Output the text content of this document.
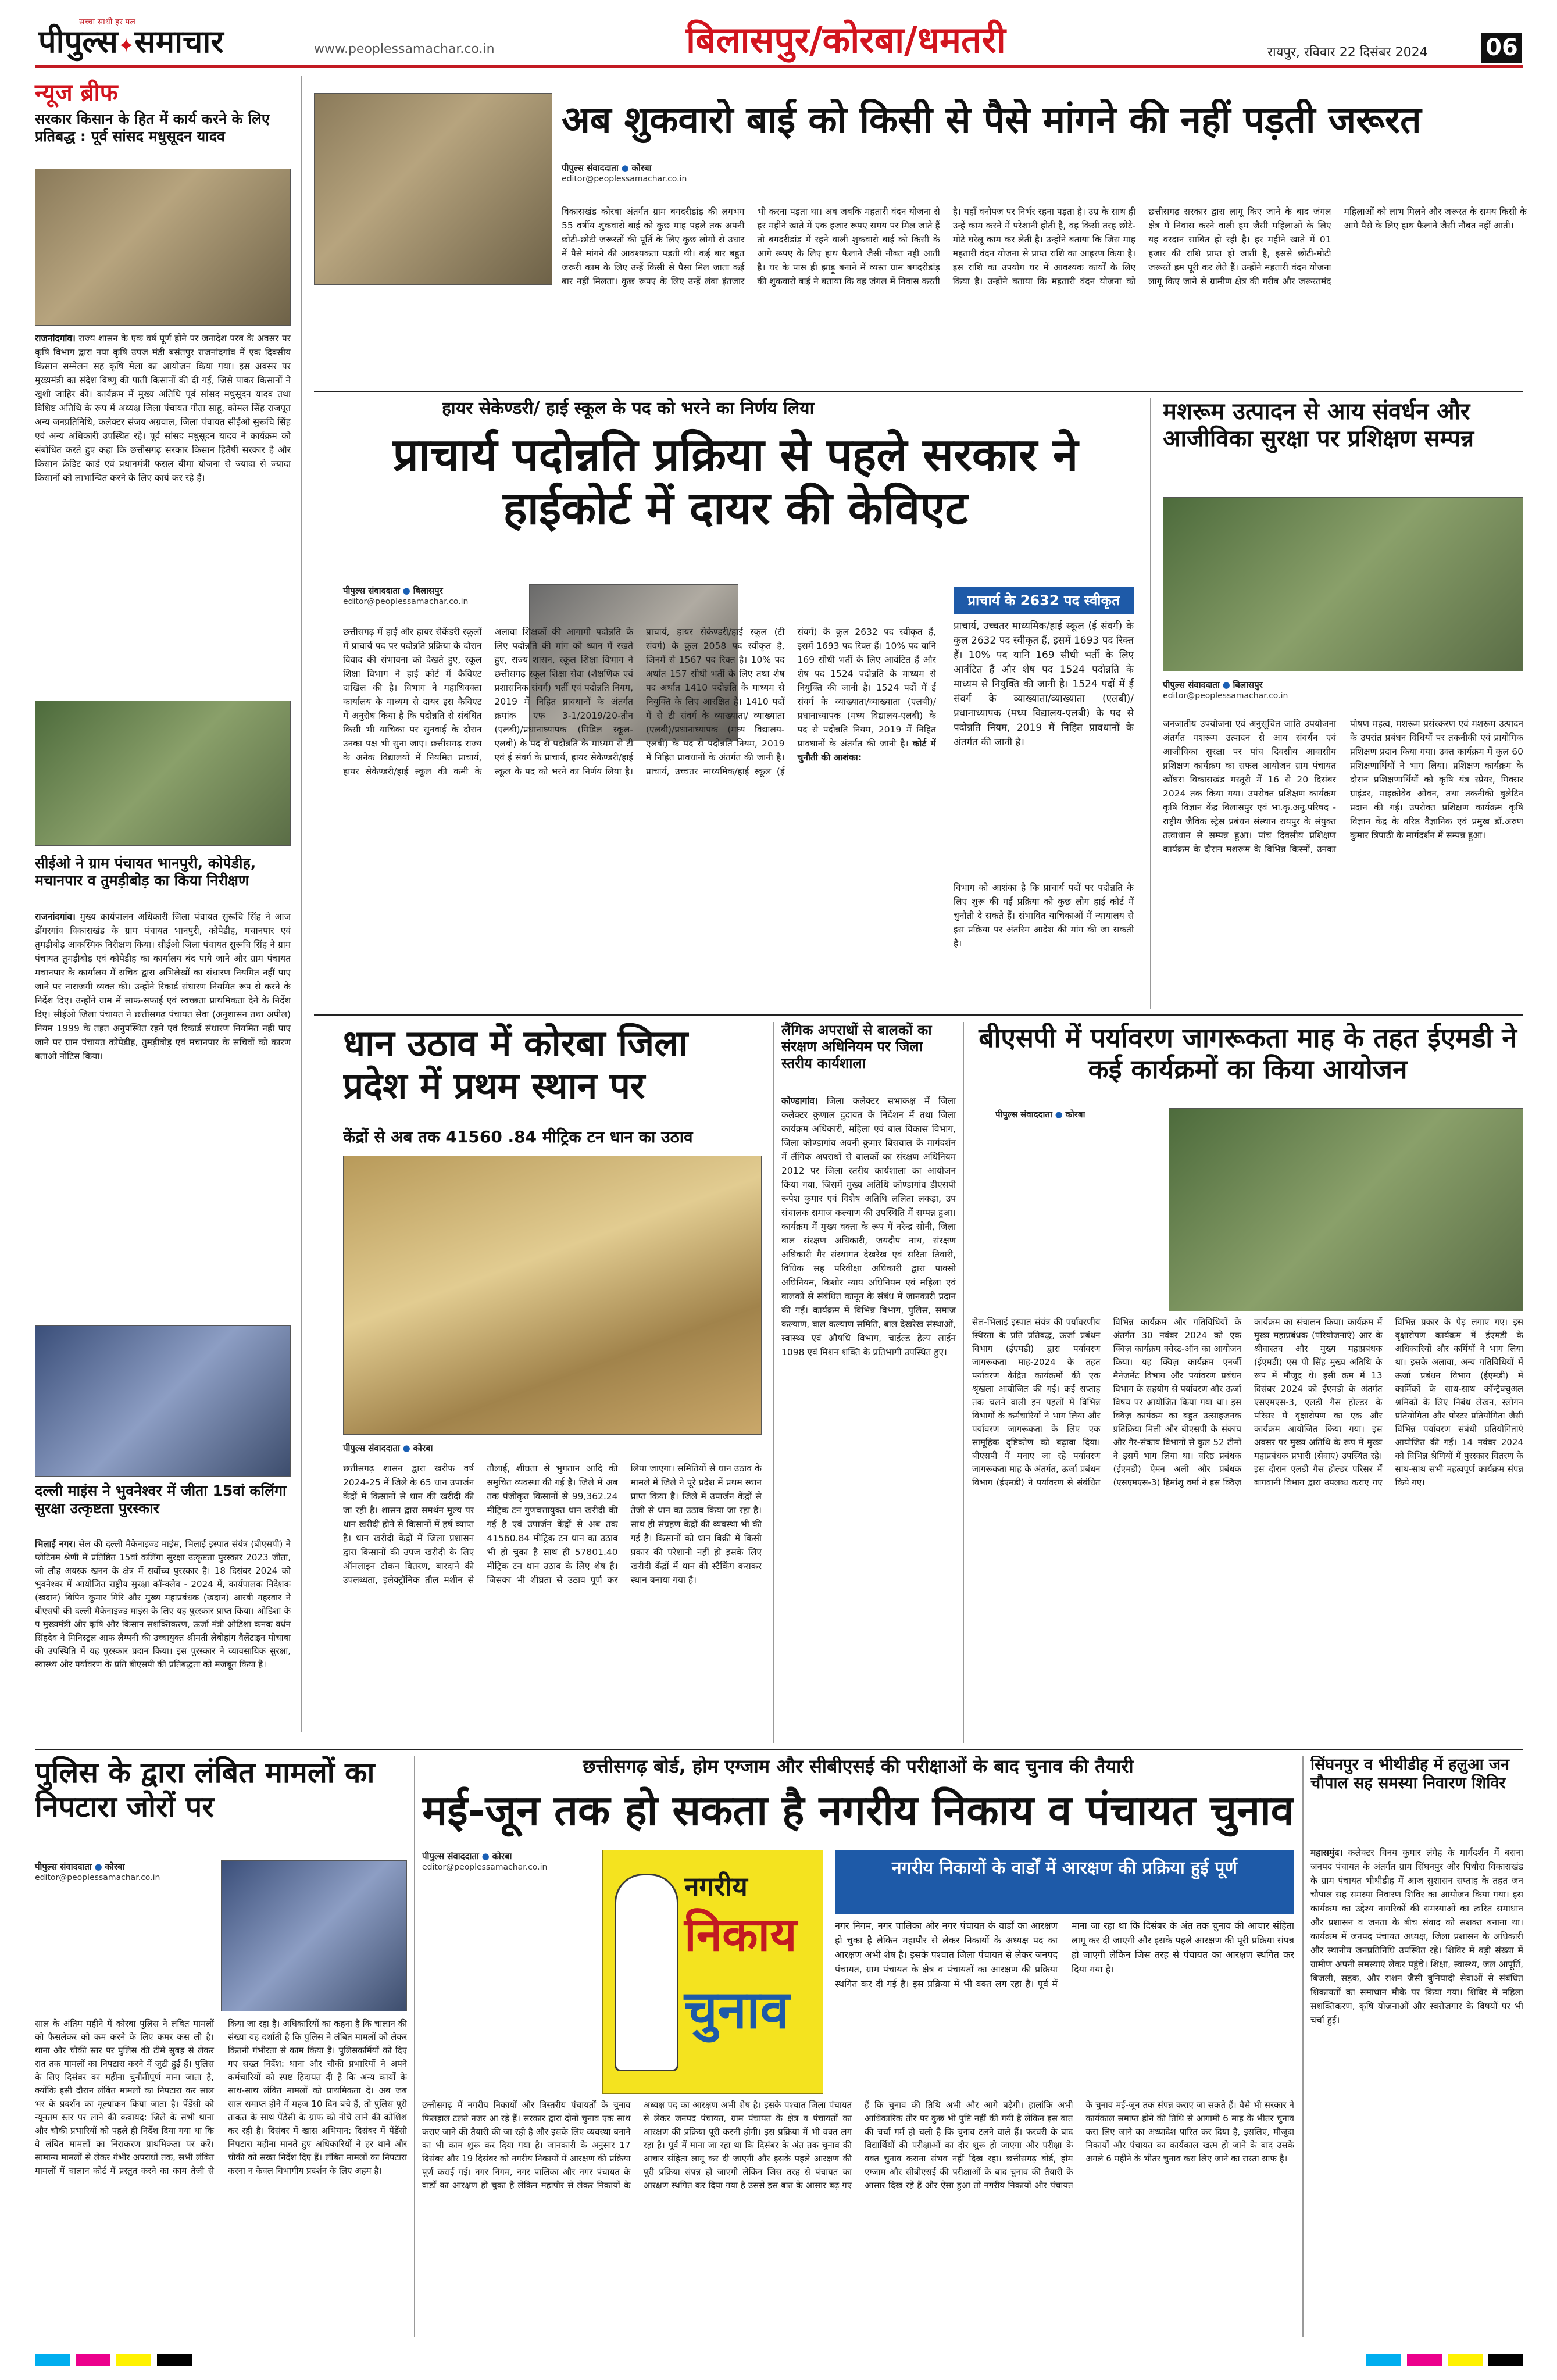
सच्चा साथी हर पल
पीपुल्स✦समाचार	www.peoplessamachar.co.in	बिलासपुर/कोरबा/धमतरी	रायपुर, रविवार 22 दिसंबर 2024 06
न्यूज ब्रीफ
सरकार किसान के हित में कार्य करने के लिए प्रतिबद्ध : पूर्व सांसद मधुसूदन यादव
राजनांदगांव। राज्य शासन के एक वर्ष पूर्ण होने पर जनादेश परब के अवसर पर कृषि विभाग द्वारा नया कृषि उपज मंडी बसंतपुर राजनांदगांव में एक दिवसीय किसान सम्मेलन सह कृषि मेला का आयोजन किया गया। इस अवसर पर मुख्यमंत्री का संदेश विष्णु की पाती किसानों की दी गई, जिसे पाकर किसानों ने खुशी जाहिर की। कार्यक्रम में मुख्य अतिथि पूर्व सांसद मधुसूदन यादव तथा विशिष्ट अतिथि के रूप में अध्यक्ष जिला पंचायत गीता साहू, कोमल सिंह राजपूत अन्य जनप्रतिनिधि, कलेक्टर संजय अग्रवाल, जिला पंचायत सीईओ सुरूचि सिंह एवं अन्य अधिकारी उपस्थित रहे। पूर्व सांसद मधुसूदन यादव ने कार्यक्रम को संबोधित करते हुए कहा कि छत्तीसगढ़ सरकार किसान हितैषी सरकार है और किसान क्रेडिट कार्ड एवं प्रधानमंत्री फसल बीमा योजना से ज्यादा से ज्यादा किसानों को लाभान्वित करने के लिए कार्य कर रहे हैं।
सीईओ ने ग्राम पंचायत भानपुरी, कोपेडीह, मचानपार व तुमड़ीबोड़ का किया निरीक्षण
राजनांदगांव। मुख्य कार्यपालन अधिकारी जिला पंचायत सुरूचि सिंह ने आज डोंगरगांव विकासखंड के ग्राम पंचायत भानपुरी, कोपेडीह, मचानपार एवं तुमड़ीबोड़ आकस्मिक निरीक्षण किया। सीईओ जिला पंचायत सुरूचि सिंह ने ग्राम पंचायत तुमड़ीबोड़ एवं कोपेडीह का कार्यालय बंद पाये जाने और ग्राम पंचायत मचानपार के कार्यालय में सचिव द्वारा अभिलेखों का संधारण नियमित नहीं पाए जाने पर नाराजगी व्यक्त की। उन्होंने रिकार्ड संधारण नियमित रूप से करने के निर्देश दिए। उन्होंने ग्राम में साफ-सफाई एवं स्वच्छता प्राथमिकता देने के निर्देश दिए। सीईओ जिला पंचायत ने छत्तीसगढ़ पंचायत सेवा (अनुशासन तथा अपील) नियम 1999 के तहत अनुपस्थित रहने एवं रिकार्ड संधारण नियमित नहीं पाए जाने पर ग्राम पंचायत कोपेडीह, तुमड़ीबोड़ एवं मचानपार के सचिवों को कारण बताओ नोटिस किया।
दल्ली माइंस ने भुवनेश्वर में जीता 15वां कलिंगा सुरक्षा उत्कृष्टता पुरस्कार
भिलाई नगर। सेल की दल्ली मैकेनाइज्ड माइंस, भिलाई इस्पात संयंत्र (बीएसपी) ने प्लेटिनम श्रेणी में प्रतिष्ठित 15वां कलिंगा सुरक्षा उत्कृष्टता पुरस्कार 2023 जीता, जो लौह अयस्क खनन के क्षेत्र में सर्वोच्च पुरस्कार है। 18 दिसंबर 2024 को भुवनेश्वर में आयोजित राष्ट्रीय सुरक्षा कॉन्क्लेव - 2024 में, कार्यपालक निदेशक (खदान) बिपिन कुमार गिरि और मुख्य महाप्रबंधक (खदान) आरबी गहरवार ने बीएसपी की दल्ली मैकेनाइज्ड माइंस के लिए यह पुरस्कार प्राप्त किया। ओडिशा के प मुख्यमंत्री और कृषि और किसान सशक्तिकरण, ऊर्जा मंत्री ओडिशा कनक वर्धन सिंहदेव ने मिनिस्ट्रल आफ लैम्पनी की उच्चायुक्त श्रीमती लेबोहांग वैलेंटाइन मोचाबा की उपस्थिति में यह पुरस्कार प्रदान किया। इस पुरस्कार ने व्यावसायिक सुरक्षा, स्वास्थ्य और पर्यावरण के प्रति बीएसपी की प्रतिबद्धता को मजबूत किया है।
अब शुकवारो बाई को किसी से पैसे मांगने की नहीं पड़ती जरूरत
पीपुल्स संवाददाता ● कोरबा
editor@peoplessamachar.co.in
विकासखंड कोरबा अंतर्गत ग्राम बगदरीडांड़ की लगभग 55 वर्षीय शुकवारो बाई को कुछ माह पहले तक अपनी छोटी-छोटी जरूरतों की पूर्ति के लिए कुछ लोगों से उधार में पैसे मांगने की आवश्यकता पड़ती थी। कई बार बहुत जरूरी काम के लिए उन्हें किसी से पैसा मिल जाता कई बार नहीं मिलता। कुछ रूपए के लिए उन्हें लंबा इंतजार भी करना पड़ता था। अब जबकि महतारी वंदन योजना से हर महीने खाते में एक हजार रूपए समय पर मिल जाते हैं तो बगदरीडांड़ में रहने वाली शुकवारो बाई को किसी के आगे रूपए के लिए हाथ फैलाने जैसी नौबत नहीं आती है। घर के पास ही झाड़ू बनाने में व्यस्त ग्राम बगदरीडांड़ की शुकवारो बाई ने बताया कि वह जंगल में निवास करती है। यहाँ वनोपज पर निर्भर रहना पड़ता है। उम्र के साथ ही उन्हें काम करने में परेशानी होती है, वह किसी तरह छोटे-मोटे घरेलू काम कर लेती है। उन्होंने बताया कि जिस माह महतारी वंदन योजना से प्राप्त राशि का आहरण किया है। इस राशि का उपयोग घर में आवश्यक कार्यों के लिए किया है। उन्होंने बताया कि महतारी वंदन योजना को छत्तीसगढ़ सरकार द्वारा लागू किए जाने के बाद जंगल क्षेत्र में निवास करने वाली हम जैसी महिलाओं के लिए यह वरदान साबित हो रही है। हर महीने खाते में 01 हजार की राशि प्राप्त हो जाती है, इससे छोटी-मोटी जरूरतें हम पूरी कर लेते हैं। उन्होंने महतारी वंदन योजना लागू किए जाने से ग्रामीण क्षेत्र की गरीब और जरूरतमंद महिलाओं को लाभ मिलने और जरूरत के समय किसी के आगे पैसे के लिए हाथ फैलाने जैसी नौबत नहीं आती।
हायर सेकेण्डरी/ हाई स्कूल के पद को भरने का निर्णय लिया
प्राचार्य पदोन्नति प्रक्रिया से पहले सरकार ने हाईकोर्ट में दायर की केविएट
पीपुल्स संवाददाता ● बिलासपुर
editor@peoplessamachar.co.in
छत्तीसगढ़ में हाई और हायर सेकेंडरी स्कूलों में प्राचार्य पद पर पदोन्नति प्रक्रिया के दौरान विवाद की संभावना को देखते हुए, स्कूल शिक्षा विभाग ने हाई कोर्ट में कैविएट दाखिल की है। विभाग ने महाधिवक्ता कार्यालय के माध्यम से दायर इस कैविएट में अनुरोध किया है कि पदोन्नति से संबंधित किसी भी याचिका पर सुनवाई के दौरान उनका पक्ष भी सुना जाए। छत्तीसगढ़ राज्य के अनेक विद्यालयों में नियमित प्राचार्य, हायर सेकेण्डरी/हाई स्कूल की कमी के अलावा शिक्षकों की आगामी पदोन्नति के लिए पदोन्नति की मांग को ध्यान में रखते हुए, राज्य शासन, स्कूल शिक्षा विभाग ने छत्तीसगढ़ स्कूल शिक्षा सेवा (शैक्षणिक एवं प्रशासनिक संवर्ग) भर्ती एवं पदोन्नति नियम, 2019 में निहित प्रावधानों के अंतर्गत क्रमांक एफ 3-1/2019/20-तीन (एलबी)/प्रधानाध्यापक (मिडिल स्कूल-एलबी) के पद से पदोन्नति के माध्यम से टी एवं ई संवर्ग के प्राचार्य, हायर सेकेण्डरी/हाई स्कूल के पद को भरने का निर्णय लिया है। प्राचार्य, हायर सेकेण्डरी/हाई स्कूल (टी संवर्ग) के कुल 2058 पद स्वीकृत है, जिनमें से 1567 पद रिक्त है। 10% पद अर्थात 157 सीधी भर्ती के लिए तथा शेष पद अर्थात 1410 पदोन्नति के माध्यम से नियुक्ति के लिए आरक्षित है। 1410 पदों में से टी संवर्ग के व्याख्याता/ व्याख्याता (एलबी)/प्रधानाध्यापक (मध्य विद्यालय-एलबी) के पद से पदोन्नति नियम, 2019 में निहित प्रावधानों के अंतर्गत की जानी है। प्राचार्य, उच्चतर माध्यमिक/हाई स्कूल (ई संवर्ग) के कुल 2632 पद स्वीकृत हैं, इसमें 1693 पद रिक्त हैं। 10% पद यानि 169 सीधी भर्ती के लिए आवंटित हैं और शेष पद 1524 पदोन्नति के माध्यम से नियुक्ति की जानी है। 1524 पदों में ई संवर्ग के व्याख्याता/व्याख्याता (एलबी)/प्रधानाध्यापक (मध्य विद्यालय-एलबी) के पद से पदोन्नति नियम, 2019 में निहित प्रावधानों के अंतर्गत की जानी है। कोर्ट में चुनौती की आशंका:
प्राचार्य के 2632 पद स्वीकृत
प्राचार्य, उच्चतर माध्यमिक/हाई स्कूल (ई संवर्ग) के कुल 2632 पद स्वीकृत हैं, इसमें 1693 पद रिक्त हैं। 10% पद यानि 169 सीधी भर्ती के लिए आवंटित हैं और शेष पद 1524 पदोन्नति के माध्यम से नियुक्ति की जानी है। 1524 पदों में ई संवर्ग के व्याख्याता/व्याख्याता (एलबी)/प्रधानाध्यापक (मध्य विद्यालय-एलबी) के पद से पदोन्नति नियम, 2019 में निहित प्रावधानों के अंतर्गत की जानी है।
विभाग को आशंका है कि प्राचार्य पदों पर पदोन्नति के लिए शुरू की गई प्रक्रिया को कुछ लोग हाई कोर्ट में चुनौती दे सकते हैं। संभावित याचिकाओं में न्यायालय से इस प्रक्रिया पर अंतरिम आदेश की मांग की जा सकती है।
मशरूम उत्पादन से आय संवर्धन और आजीविका सुरक्षा पर प्रशिक्षण सम्पन्न
पीपुल्स संवाददाता ● बिलासपुर
editor@peoplessamachar.co.in
जनजातीय उपयोजना एवं अनुसूचित जाति उपयोजना अंतर्गत मशरूम उत्पादन से आय संवर्धन एवं आजीविका सुरक्षा पर पांच दिवसीय आवासीय प्रशिक्षण कार्यक्रम का सफल आयोजन ग्राम पंचायत खोंधरा विकासखंड मस्तूरी में 16 से 20 दिसंबर 2024 तक किया गया। उपरोक्त प्रशिक्षण कार्यक्रम कृषि विज्ञान केंद्र बिलासपुर एवं भा.कृ.अनु.परिषद - राष्ट्रीय जैविक स्ट्रेस प्रबंधन संस्थान रायपुर के संयुक्त तत्वाधान से सम्पन्न हुआ। पांच दिवसीय प्रशिक्षण कार्यक्रम के दौरान मशरूम के विभिन्न किस्मों, उनका पोषण महत्व, मशरूम प्रसंस्करण एवं मशरूम उत्पादन के उपरांत प्रबंधन विधियों पर तकनीकी एवं प्रायोगिक प्रशिक्षण प्रदान किया गया। उक्त कार्यक्रम में कुल 60 प्रशिक्षणार्थियों ने भाग लिया। प्रशिक्षण कार्यक्रम के दौरान प्रशिक्षणार्थियों को कृषि यंत्र स्प्रेयर, मिक्सर ग्राइंडर, माइक्रोवेव ओवन, तथा तकनीकी बुलेटिन प्रदान की गई। उपरोक्त प्रशिक्षण कार्यक्रम कृषि विज्ञान केंद्र के वरिष्ठ वैज्ञानिक एवं प्रमुख डॉ.अरुण कुमार त्रिपाठी के मार्गदर्शन में सम्पन्न हुआ।
धान उठाव में कोरबा जिला प्रदेश में प्रथम स्थान पर
केंद्रों से अब तक 41560 .84 मीट्रिक टन धान का उठाव
पीपुल्स संवाददाता ● कोरबा
छत्तीसगढ़ शासन द्वारा खरीफ वर्ष 2024-25 में जिले के 65 धान उपार्जन केंद्रों में किसानों से धान की खरीदी की जा रही है। शासन द्वारा समर्थन मूल्य पर धान खरीदी होने से किसानों में हर्ष व्याप्त है। धान खरीदी केंद्रों में जिला प्रशासन द्वारा किसानों की उपज खरीदी के लिए ऑनलाइन टोकन वितरण, बारदाने की उपलब्धता, इलेक्ट्रॉनिक तौल मशीन से तौलाई, शीघ्रता से भुगतान आदि की समुचित व्यवस्था की गई है। जिले में अब तक पंजीकृत किसानों से 99,362.24 मीट्रिक टन गुणवत्तायुक्त धान खरीदी की गई है एवं उपार्जन केंद्रों से अब तक 41560.84 मीट्रिक टन धान का उठाव भी हो चुका है साथ ही 57801.40 मीट्रिक टन धान उठाव के लिए शेष है। जिसका भी शीघ्रता से उठाव पूर्ण कर लिया जाएगा। समितियों से धान उठाव के मामले में जिले ने पूरे प्रदेश में प्रथम स्थान प्राप्त किया है। जिले में उपार्जन केंद्रों से तेजी से धान का उठाव किया जा रहा है। साथ ही संग्रहण केंद्रों की व्यवस्था भी की गई है। किसानों को धान बिक्री में किसी प्रकार की परेशानी नहीं हो इसके लिए खरीदी केंद्रों में धान की स्टैकिंग कराकर स्थान बनाया गया है।
लैंगिक अपराधों से बालकों का संरक्षण अधिनियम पर जिला स्तरीय कार्यशाला
कोण्डागांव। जिला कलेक्टर सभाकक्ष में जिला कलेक्टर कुणाल दुदावत के निर्देशन में तथा जिला कार्यक्रम अधिकारी, महिला एवं बाल विकास विभाग, जिला कोण्डागांव अवनी कुमार बिसवाल के मार्गदर्शन में लैंगिक अपराधों से बालकों का संरक्षण अधिनियम 2012 पर जिला स्तरीय कार्यशाला का आयोजन किया गया, जिसमें मुख्य अतिथि कोण्डागांव डीएसपी रूपेश कुमार एवं विशेष अतिथि ललिता लकड़ा, उप संचालक समाज कल्याण की उपस्थिति में सम्पन्न हुआ। कार्यक्रम में मुख्य वक्ता के रूप में नरेन्द्र सोनी, जिला बाल संरक्षण अधिकारी, जयदीप नाथ, संरक्षण अधिकारी गैर संस्थागत देखरेख एवं सरिता तिवारी, विधिक सह परिवीक्षा अधिकारी द्वारा पाक्सो अधिनियम, किशोर न्याय अधिनियम एवं महिला एवं बालकों से संबंधित कानून के संबंध में जानकारी प्रदान की गई। कार्यक्रम में विभिन्न विभाग, पुलिस, समाज कल्याण, बाल कल्याण समिति, बाल देखरेख संस्थाओं, स्वास्थ्य एवं औषधि विभाग, चाईल्ड हेल्प लाईन 1098 एवं मिशन शक्ति के प्रतिभागी उपस्थित हुए।
बीएसपी में पर्यावरण जागरूकता माह के तहत ईएमडी ने कई कार्यक्रमों का किया आयोजन
पीपुल्स संवाददाता ● कोरबा
सेल-भिलाई इस्पात संयंत्र की पर्यावरणीय स्थिरता के प्रति प्रतिबद्ध, ऊर्जा प्रबंधन विभाग (ईएमडी) द्वारा पर्यावरण जागरूकता माह-2024 के तहत पर्यावरण केंद्रित कार्यक्रमों की एक श्रृंखला आयोजित की गई। कई सप्ताह तक चलने वाली इन पहलों में विभिन्न विभागों के कर्मचारियों ने भाग लिया और पर्यावरण जागरूकता के लिए एक सामूहिक दृष्टिकोण को बढ़ावा दिया। बीएसपी में मनाए जा रहे पर्यावरण जागरूकता माह के अंतर्गत, ऊर्जा प्रबंधन विभाग (ईएमडी) ने पर्यावरण से संबंधित विभिन्न कार्यक्रम और गतिविधियों के अंतर्गत 30 नवंबर 2024 को एक क्विज़ कार्यक्रम क्वेस्ट-ऑन का आयोजन किया। यह क्विज़ कार्यक्रम एनर्जी मैनेजमेंट विभाग और पर्यावरण प्रबंधन विभाग के सहयोग से पर्यावरण और ऊर्जा विषय पर आयोजित किया गया था। इस क्विज़ कार्यक्रम का बहुत उत्साहजनक प्रतिक्रिया मिली और बीएसपी के संकाय और गैर-संकाय विभागों से कुल 52 टीमों ने इसमें भाग लिया था। वरिष्ठ प्रबंधक (ईएमडी) ऐमन अली और प्रबंधक (एसएमएस-3) हिमांशु वर्मा ने इस क्विज़ कार्यक्रम का संचालन किया। कार्यक्रम में मुख्य महाप्रबंधक (परियोजनाएं) आर के श्रीवास्तव और मुख्य महाप्रबंधक (ईएमडी) एस पी सिंह मुख्य अतिथि के रूप में मौजूद थे। इसी क्रम में 13 दिसंबर 2024 को ईएमडी के अंतर्गत एसएमएस-3, एलडी गैस होल्डर के परिसर में वृक्षारोपण का एक और कार्यक्रम आयोजित किया गया। इस अवसर पर मुख्य अतिथि के रूप में मुख्य महाप्रबंधक प्रभारी (सेवाएं) उपस्थित रहे। इस दौरान एलडी गैस होल्डर परिसर में बागवानी विभाग द्वारा उपलब्ध कराए गए विभिन्न प्रकार के पेड़ लगाए गए। इस वृक्षारोपण कार्यक्रम में ईएमडी के अधिकारियों और कर्मियों ने भाग लिया था। इसके अलावा, अन्य गतिविधियों में ऊर्जा प्रबंधन विभाग (ईएमडी) में कार्मिकों के साथ-साथ कॉन्ट्रैक्चुअल श्रमिकों के लिए निबंध लेखन, स्लोगन प्रतियोगिता और पोस्टर प्रतियोगिता जैसी विभिन्न पर्यावरण संबंधी प्रतियोगिताएं आयोजित की गईं। 14 नवंबर 2024 को विभिन्न श्रेणियों में पुरस्कार वितरण के साथ-साथ सभी महत्वपूर्ण कार्यक्रम संपन्न किये गए।
पुलिस के द्वारा लंबित मामलों का निपटारा जोरों पर
पीपुल्स संवाददाता ● कोरबा
editor@peoplessamachar.co.in
साल के अंतिम महीने में कोरबा पुलिस ने लंबित मामलों को फैसलेकर को कम करने के लिए कमर कस ली है। थाना और चौकी स्तर पर पुलिस की टीमें सुबह से लेकर रात तक मामलों का निपटारा करने में जुटी हुई हैं। पुलिस के लिए दिसंबर का महीना चुनौतीपूर्ण माना जाता है, क्योंकि इसी दौरान लंबित मामलों का निपटारा कर साल भर के प्रदर्शन का मूल्यांकन किया जाता है। पेंडेंसी को न्यूनतम स्तर पर लाने की कवायद: जिले के सभी थाना और चौकी प्रभारियों को पहले ही निर्देश दिया गया था कि वे लंबित मामलों का निराकरण प्राथमिकता पर करें। सामान्य मामलों से लेकर गंभीर अपराधों तक, सभी लंबित मामलों में चालान कोर्ट में प्रस्तुत करने का काम तेजी से किया जा रहा है। अधिकारियों का कहना है कि चालान की संख्या यह दर्शाती है कि पुलिस ने लंबित मामलों को लेकर कितनी गंभीरता से काम किया है। पुलिसकर्मियों को दिए गए सख्त निर्देश: थाना और चौकी प्रभारियों ने अपने कर्मचारियों को स्पष्ट हिदायत दी है कि अन्य कार्यों के साथ-साथ लंबित मामलों को प्राथमिकता दें। अब जब साल समाप्त होने में महज 10 दिन बचे हैं, तो पुलिस पूरी ताकत के साथ पेंडेंसी के ग्राफ को नीचे लाने की कोशिश कर रही है। दिसंबर में खास अभियान: दिसंबर में पेंडेंसी निपटारा महीना मानते हुए अधिकारियों ने हर थाने और चौकी को सख्त निर्देश दिए हैं। लंबित मामलों का निपटारा करना न केवल विभागीय प्रदर्शन के लिए अहम है।
छत्तीसगढ़ बोर्ड, होम एग्जाम और सीबीएसई की परीक्षाओं के बाद चुनाव की तैयारी
मई-जून तक हो सकता है नगरीय निकाय व पंचायत चुनाव
पीपुल्स संवाददाता ● कोरबा
editor@peoplessamachar.co.in
नगरीय
निकाय
चुनाव
छत्तीसगढ़ में नगरीय निकायों और त्रिस्तरीय पंचायतों के चुनाव फिलहाल टलते नजर आ रहे हैं। सरकार द्वारा दोनों चुनाव एक साथ कराए जाने की तैयारी की जा रही है और इसके लिए व्यवस्था बनाने का भी काम शुरू कर दिया गया है। जानकारी के अनुसार 17 दिसंबर और 19 दिसंबर को नगरीय निकायों में आरक्षण की प्रक्रिया पूर्ण कराई गई। नगर निगम, नगर पालिका और नगर पंचायत के वार्डों का आरक्षण हो चुका है लेकिन महापौर से लेकर निकायों के अध्यक्ष पद का आरक्षण अभी शेष है। इसके पश्चात जिला पंचायत से लेकर जनपद पंचायत, ग्राम पंचायत के क्षेत्र व पंचायतों का आरक्षण की प्रक्रिया पूरी करनी होगी। इस प्रक्रिया में भी वक्त लग रहा है। पूर्व में माना जा रहा था कि दिसंबर के अंत तक चुनाव की आचार संहिता लागू कर दी जाएगी और इसके पहले आरक्षण की पूरी प्रक्रिया संपन्न हो जाएगी लेकिन जिस तरह से पंचायत का आरक्षण स्थगित कर दिया गया है उससे इस बात के आसार बढ़ गए हैं कि चुनाव की तिथि अभी और आगे बढ़ेगी। हालांकि अभी आधिकारिक तौर पर कुछ भी पुष्टि नहीं की गयी है लेकिन इस बात की चर्चा गर्म हो चली है कि चुनाव टलने वाले हैं। फरवरी के बाद विद्यार्थियों की परीक्षाओं का दौर शुरू हो जाएगा और परीक्षा के वक्त चुनाव कराना संभव नहीं दिख रहा। छत्तीसगढ़ बोर्ड, होम एग्जाम और सीबीएसई की परीक्षाओं के बाद चुनाव की तैयारी के आसार दिख रहे हैं और ऐसा हुआ तो नगरीय निकायों और पंचायत के चुनाव मई-जून तक संपन्न कराए जा सकते हैं। वैसे भी सरकार ने कार्यकाल समाप्त होने की तिथि से आगामी 6 माह के भीतर चुनाव करा लिए जाने का अध्यादेश पारित कर दिया है, इसलिए, मौजूदा निकायों और पंचायत का कार्यकाल खत्म हो जाने के बाद उसके अगले 6 महीने के भीतर चुनाव करा लिए जाने का रास्ता साफ है।
नगरीय निकायों के वार्डों में आरक्षण की प्रक्रिया हुई पूर्ण
नगर निगम, नगर पालिका और नगर पंचायत के वार्डों का आरक्षण हो चुका है लेकिन महापौर से लेकर निकायों के अध्यक्ष पद का आरक्षण अभी शेष है। इसके पश्चात जिला पंचायत से लेकर जनपद पंचायत, ग्राम पंचायत के क्षेत्र व पंचायतों का आरक्षण की प्रक्रिया स्थगित कर दी गई है। इस प्रक्रिया में भी वक्त लग रहा है। पूर्व में माना जा रहा था कि दिसंबर के अंत तक चुनाव की आचार संहिता लागू कर दी जाएगी और इसके पहले आरक्षण की पूरी प्रक्रिया संपन्न हो जाएगी लेकिन जिस तरह से पंचायत का आरक्षण स्थगित कर दिया गया है।
सिंघनपुर व भीथीडीह में हलुआ जन चौपाल सह समस्या निवारण शिविर
महासमुंद। कलेक्टर विनय कुमार लंगेह के मार्गदर्शन में बसना जनपद पंचायत के अंतर्गत ग्राम सिंघनपुर और पिथौरा विकासखंड के ग्राम पंचायत भीथीडीह में आज सुशासन सप्ताह के तहत जन चौपाल सह समस्या निवारण शिविर का आयोजन किया गया। इस कार्यक्रम का उद्देश्य नागरिकों की समस्याओं का त्वरित समाधान और प्रशासन व जनता के बीच संवाद को सशक्त बनाना था। कार्यक्रम में जनपद पंचायत अध्यक्ष, जिला प्रशासन के अधिकारी और स्थानीय जनप्रतिनिधि उपस्थित रहे। शिविर में बड़ी संख्या में ग्रामीण अपनी समस्याएं लेकर पहुंचे। शिक्षा, स्वास्थ्य, जल आपूर्ति, बिजली, सड़क, और राशन जैसी बुनियादी सेवाओं से संबंधित शिकायतों का समाधान मौके पर किया गया। शिविर में महिला सशक्तिकरण, कृषि योजनाओं और स्वरोजगार के विषयों पर भी चर्चा हुई।
